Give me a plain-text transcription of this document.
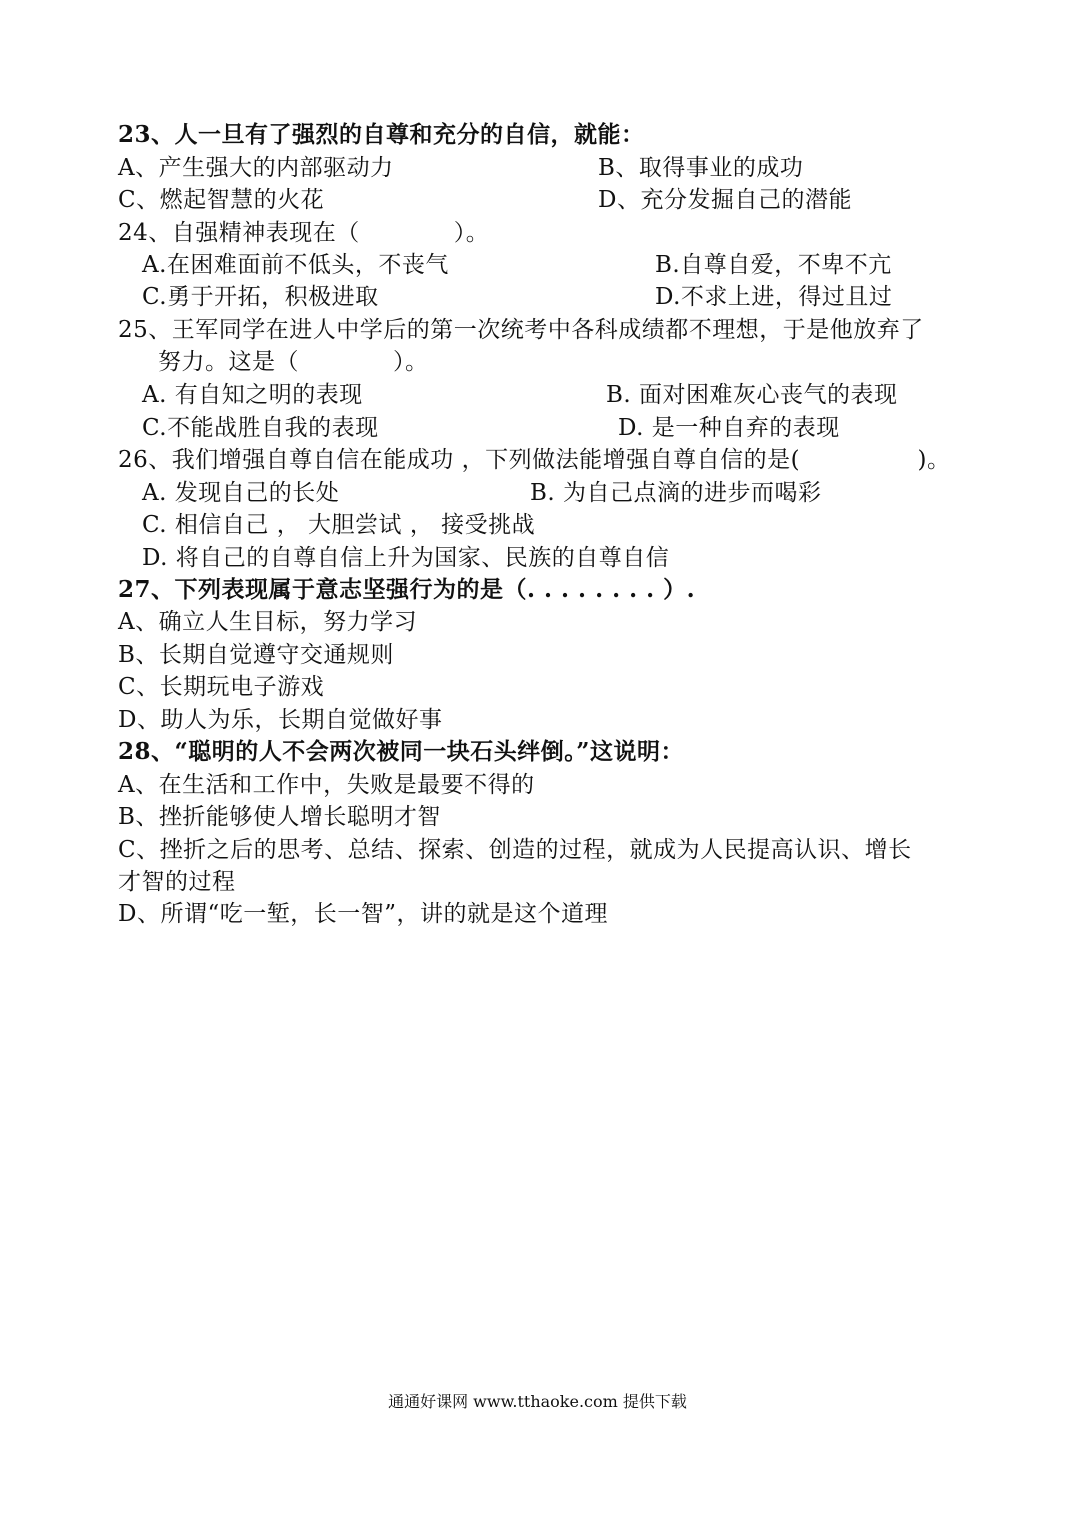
23、人一旦有了强烈的自尊和充分的自信，就能：
A、产生强大的内部驱动力	B、取得事业的成功
C、燃起智慧的火花	D、充分发掘自己的潜能
24、自强精神表现在（　　　　）。
A.在困难面前不低头，不丧气	B.自尊自爱，不卑不亢
C.勇于开拓，积极进取	D.不求上进，得过且过
25、王军同学在进人中学后的第一次统考中各科成绩都不理想，于是他放弃了
努力。这是（　　　　）。
A. 有自知之明的表现	B. 面对困难灰心丧气的表现
C.不能战胜自我的表现	D. 是一种自弃的表现
26、我们增强自尊自信在能成功 ，下列做法能增强自尊自信的是(　　　　　)。
A. 发现自己的长处	B. 为自己点滴的进步而喝彩
C. 相信自己 ， 大胆尝试 ， 接受挑战
D. 将自己的自尊自信上升为国家、民族的自尊自信
27、下列表现属于意志坚强行为的是（. . . . . . . . ）.
A、确立人生目标，努力学习
B、长期自觉遵守交通规则
C、长期玩电子游戏
D、助人为乐，长期自觉做好事
28、“聪明的人不会两次被同一块石头绊倒。”这说明：
A、在生活和工作中，失败是最要不得的
B、挫折能够使人增长聪明才智
C、挫折之后的思考、总结、探索、创造的过程，就成为人民提高认识、增长
才智的过程
D、所谓“吃一堑，长一智”，讲的就是这个道理
通通好课网 www.tthaoke.com 提供下载
